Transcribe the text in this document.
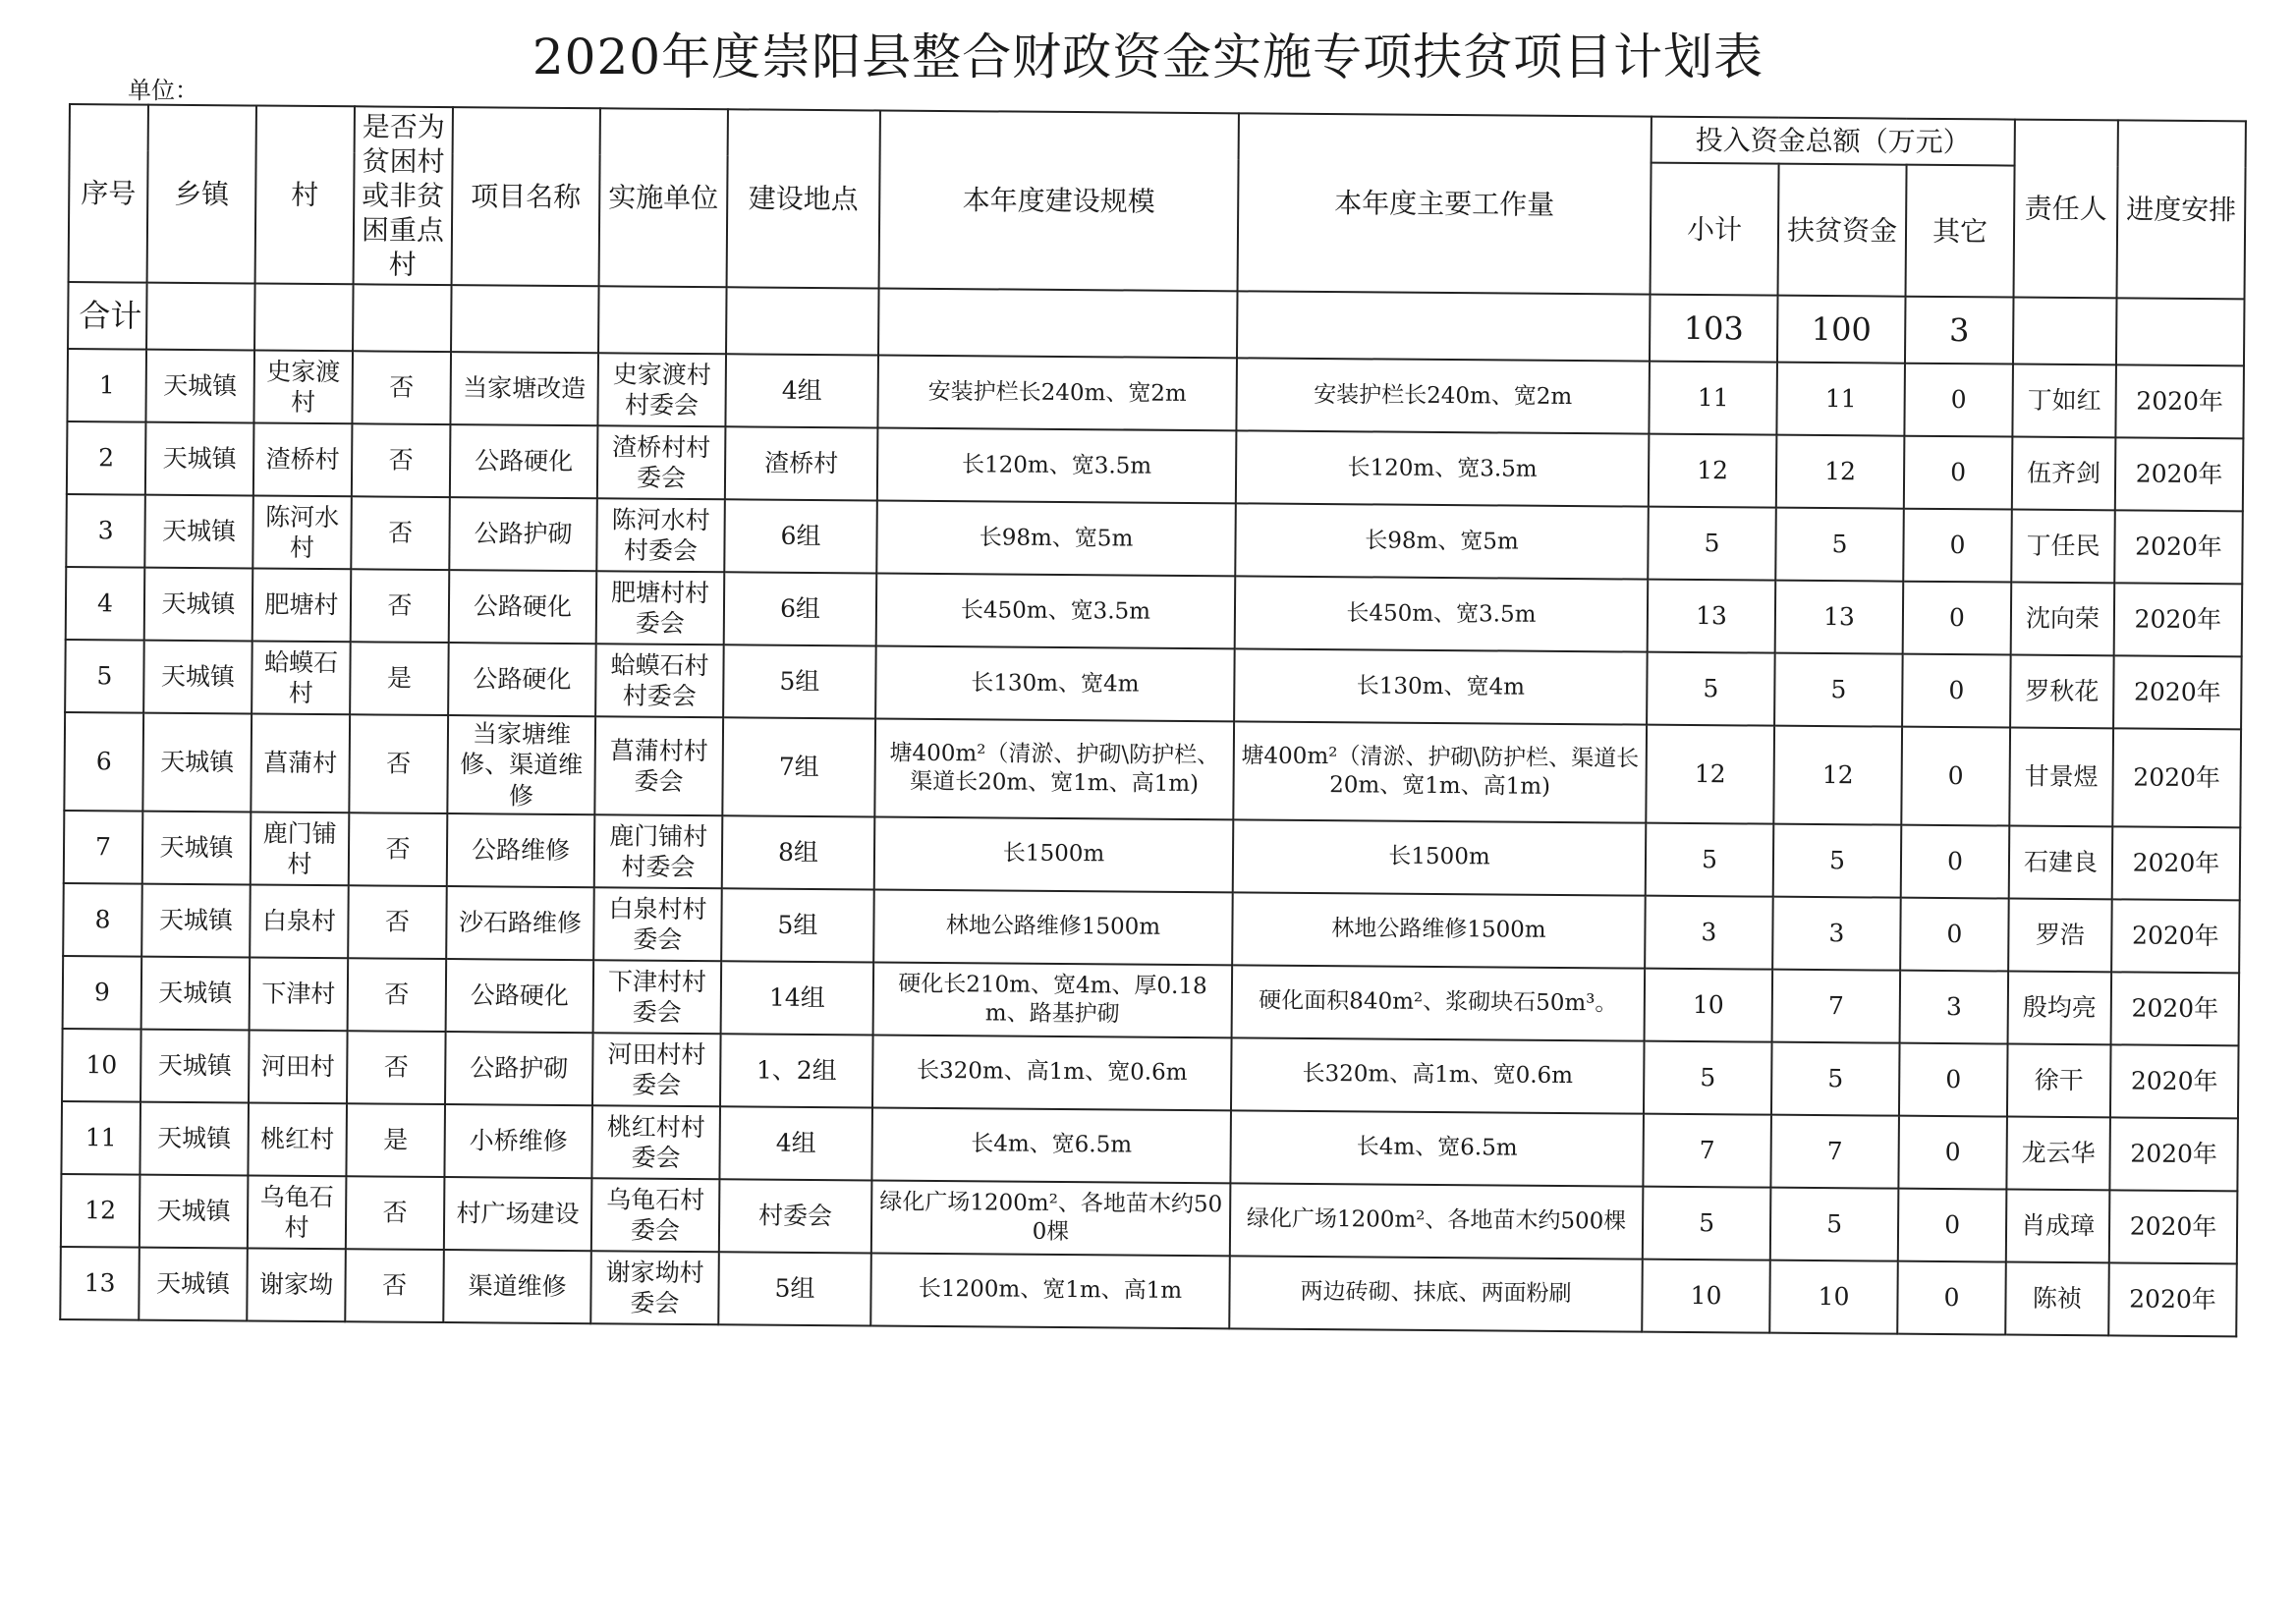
2020年度崇阳县整合财政资金实施专项扶贫项目计划表
单位：
序号	乡镇	村	是否为贫困村或非贫困重点村	项目名称	实施单位	建设地点	本年度建设规模	本年度主要工作量	投入资金总额（万元）			责任人	进度安排
									小计	扶贫资金	其它		
合计									103	100	3		
1	天城镇	史家渡村	否	当家塘改造	史家渡村村委会	4组	安装护栏长240m、宽2m	安装护栏长240m、宽2m	11	11	0	丁如红	2020年
2	天城镇	渣桥村	否	公路硬化	渣桥村村委会	渣桥村	长120m、宽3.5m	长120m、宽3.5m	12	12	0	伍齐剑	2020年
3	天城镇	陈河水村	否	公路护砌	陈河水村村委会	6组	长98m、宽5m	长98m、宽5m	5	5	0	丁任民	2020年
4	天城镇	肥塘村	否	公路硬化	肥塘村村委会	6组	长450m、宽3.5m	长450m、宽3.5m	13	13	0	沈向荣	2020年
5	天城镇	蛤蟆石村	是	公路硬化	蛤蟆石村村委会	5组	长130m、宽4m	长130m、宽4m	5	5	0	罗秋花	2020年
6	天城镇	菖蒲村	否	当家塘维修、渠道维修	菖蒲村村委会	7组	塘400m²（清淤、护砌\防护栏、渠道长20m、宽1m、高1m)	塘400m²（清淤、护砌\防护栏、渠道长20m、宽1m、高1m)	12	12	0	甘景煜	2020年
7	天城镇	鹿门铺村	否	公路维修	鹿门铺村村委会	8组	长1500m	长1500m	5	5	0	石建良	2020年
8	天城镇	白泉村	否	沙石路维修	白泉村村委会	5组	林地公路维修1500m	林地公路维修1500m	3	3	0	罗浩	2020年
9	天城镇	下津村	否	公路硬化	下津村村委会	14组	硬化长210m、宽4m、厚0.18m、路基护砌	硬化面积840m²、浆砌块石50m³。	10	7	3	殷均亮	2020年
10	天城镇	河田村	否	公路护砌	河田村村委会	1、2组	长320m、高1m、宽0.6m	长320m、高1m、宽0.6m	5	5	0	徐干	2020年
11	天城镇	桃红村	是	小桥维修	桃红村村委会	4组	长4m、宽6.5m	长4m、宽6.5m	7	7	0	龙云华	2020年
12	天城镇	乌龟石村	否	村广场建设	乌龟石村委会	村委会	绿化广场1200m²、各地苗木约500棵	绿化广场1200m²、各地苗木约500棵	5	5	0	肖成璋	2020年
13	天城镇	谢家坳	否	渠道维修	谢家坳村委会	5组	长1200m、宽1m、高1m	两边砖砌、抹底、两面粉刷	10	10	0	陈祯	2020年
